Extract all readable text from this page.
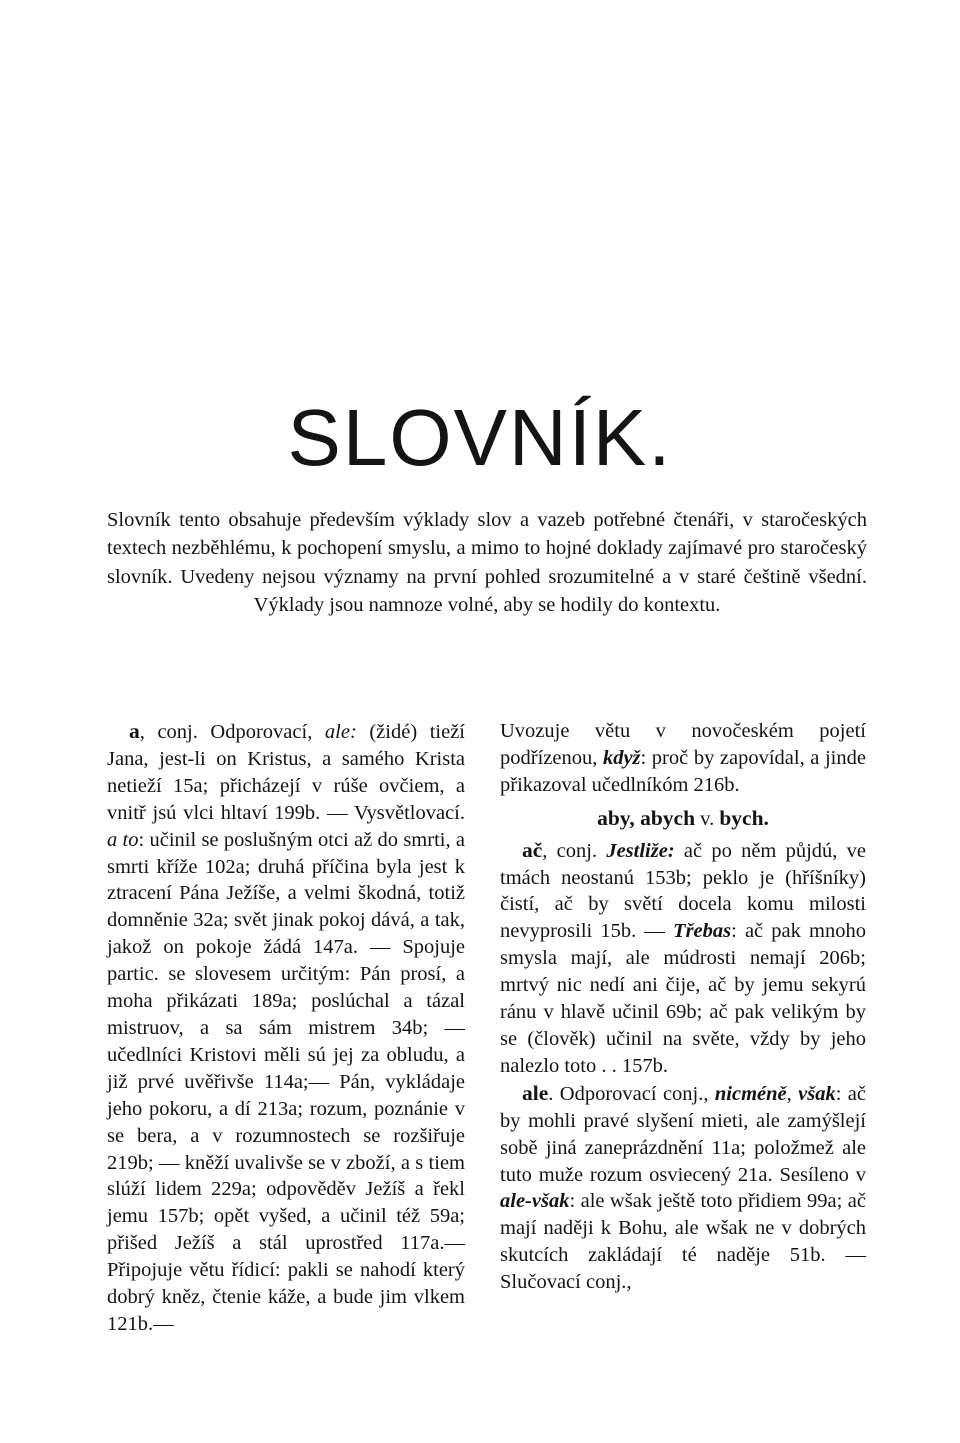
SLOVNÍK.
Slovník tento obsahuje především výklady slov a vazeb potřebné čtenáři, v staročeských textech nezběhlému, k pochopení smyslu, a mimo to hojné doklady zajímavé pro staročeský slovník. Uvedeny nejsou významy na první pohled srozumitelné a v staré češtině všední. Výklady jsou namnoze volné, aby se hodily do kontextu.

a, conj. Odporovací, ale: (židé) tieží Jana, jest-li on Kristus, a samého Krista netieží 15a; přicházejí v rúše ovčiem, a vnitř jsú vlci hltaví 199b. — Vysvětlovací. a to: učinil se poslušným otci až do smrti, a smrti kříže 102a; druhá příčina byla jest k ztracení Pána Ježíše, a velmi škodná, totiž domněnie 32a; svět jinak pokoj dává, a tak, jakož on pokoje žádá 147a. — Spojuje partic. se slovesem určitým: Pán prosí, a moha přikázati 189a; poslúchal a tázal mistruov, a sa sám mistrem 34b; — učedlníci Kristovi měli sú jej za obludu, a již prvé uvěřivše 114a;— Pán, vykládaje jeho pokoru, a dí 213a; rozum, poznánie v se bera, a v rozumnostech se rozšiřuje 219b; — kněží uvalivše se v zboží, a s tiem slúží lidem 229a; odpověděv Ježíš a řekl jemu 157b; opět vyšed, a učinil též 59a; přišed Ježíš a stál uprostřed 117a.— Připojuje větu řídicí: pakli se nahodí který dobrý kněz, čtenie káže, a bude jim vlkem 121b.—

Uvozuje větu v novočeském pojetí podřízenou, když: proč by zapovídal, a jinde přikazoval učedlníkóm 216b.

aby, abych v. bych.

ač, conj. Jestliže: ač po něm půjdú, ve tmách neostanú 153b; peklo je (hříšníky) čistí, ač by světí docela komu milosti nevyprosili 15b. — Třebas: ač pak mnoho smysla mají, ale múdrosti nemají 206b; mrtvý nic nedí ani čije, ač by jemu sekyrú ránu v hlavě učinil 69b; ač pak velikým by se (člověk) učinil na světe, vždy by jeho nalezlo toto . . 157b.

ale. Odporovací conj., nicméně, však: ač by mohli pravé slyšení mieti, ale zamýšlejí sobě jiná zaneprázdnění 11a; položmež ale tuto muže rozum osviecený 21a. Sesíleno v ale-však: ale wšak ještě toto přidiem 99a; ač mají naději k Bohu, ale wšak ne v dobrých skutcích zakládají té naděje 51b. — Slučovací conj.,
